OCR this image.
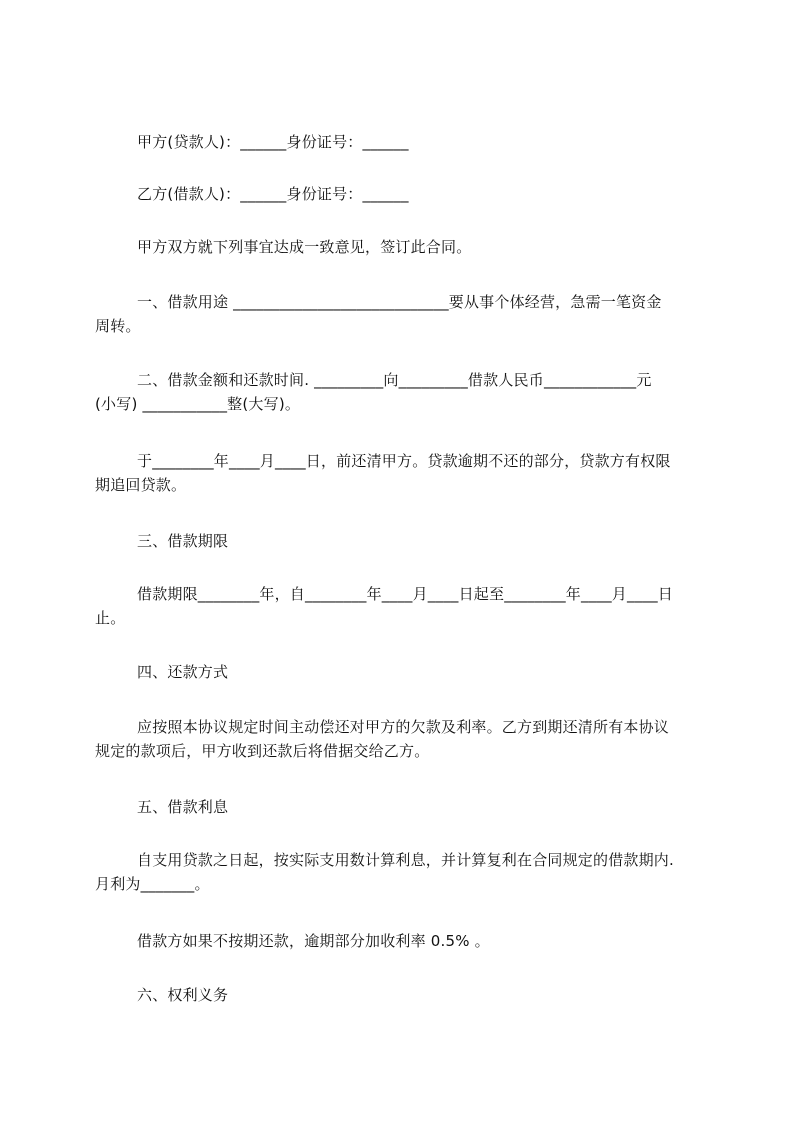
甲方(贷款人)：______身份证号：______
乙方(借款人)：______身份证号：______
甲方双方就下列事宜达成一致意见，签订此合同。
一、借款用途 ____________________________要从事个体经营，急需一笔资金
周转。
二、借款金额和还款时间. _________向_________借款人民币____________元
(小写) ___________整(大写)。
于________年____月____日，前还清甲方。贷款逾期不还的部分，贷款方有权限
期追回贷款。
三、借款期限
借款期限________年，自________年____月____日起至________年____月____日
止。
四、还款方式
应按照本协议规定时间主动偿还对甲方的欠款及利率。乙方到期还清所有本协议
规定的款项后，甲方收到还款后将借据交给乙方。
五、借款利息
自支用贷款之日起，按实际支用数计算利息，并计算复利在合同规定的借款期内.
月利为_______。
借款方如果不按期还款，逾期部分加收利率 0.5% 。
六、权利义务
